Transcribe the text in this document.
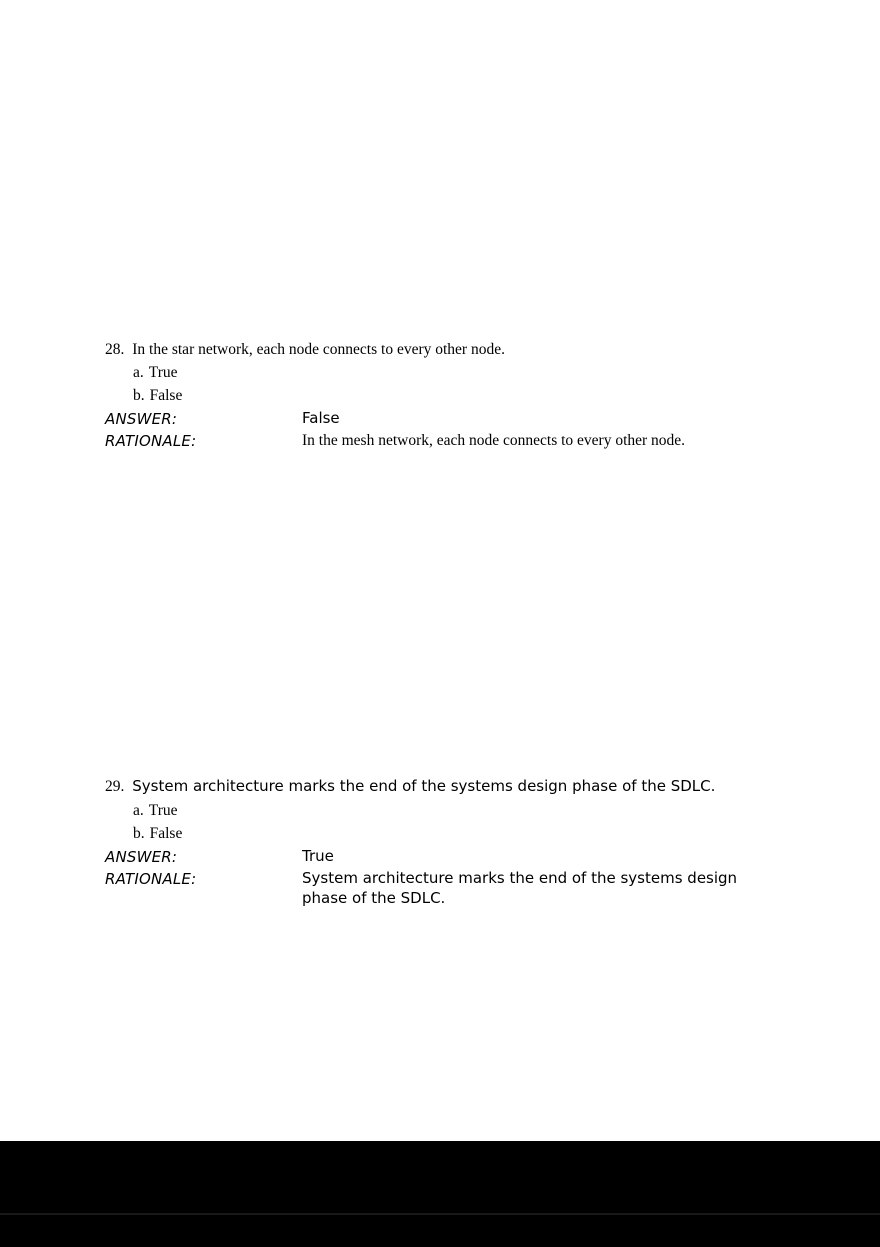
28. In the star network, each node connects to every other node.
a. True
b. False
ANSWER:	False
RATIONALE:	In the mesh network, each node connects to every other node.
29. System architecture marks the end of the systems design phase of the SDLC.
a. True
b. False
ANSWER:	True
RATIONALE:	System architecture marks the end of the systems design phase of the SDLC.
